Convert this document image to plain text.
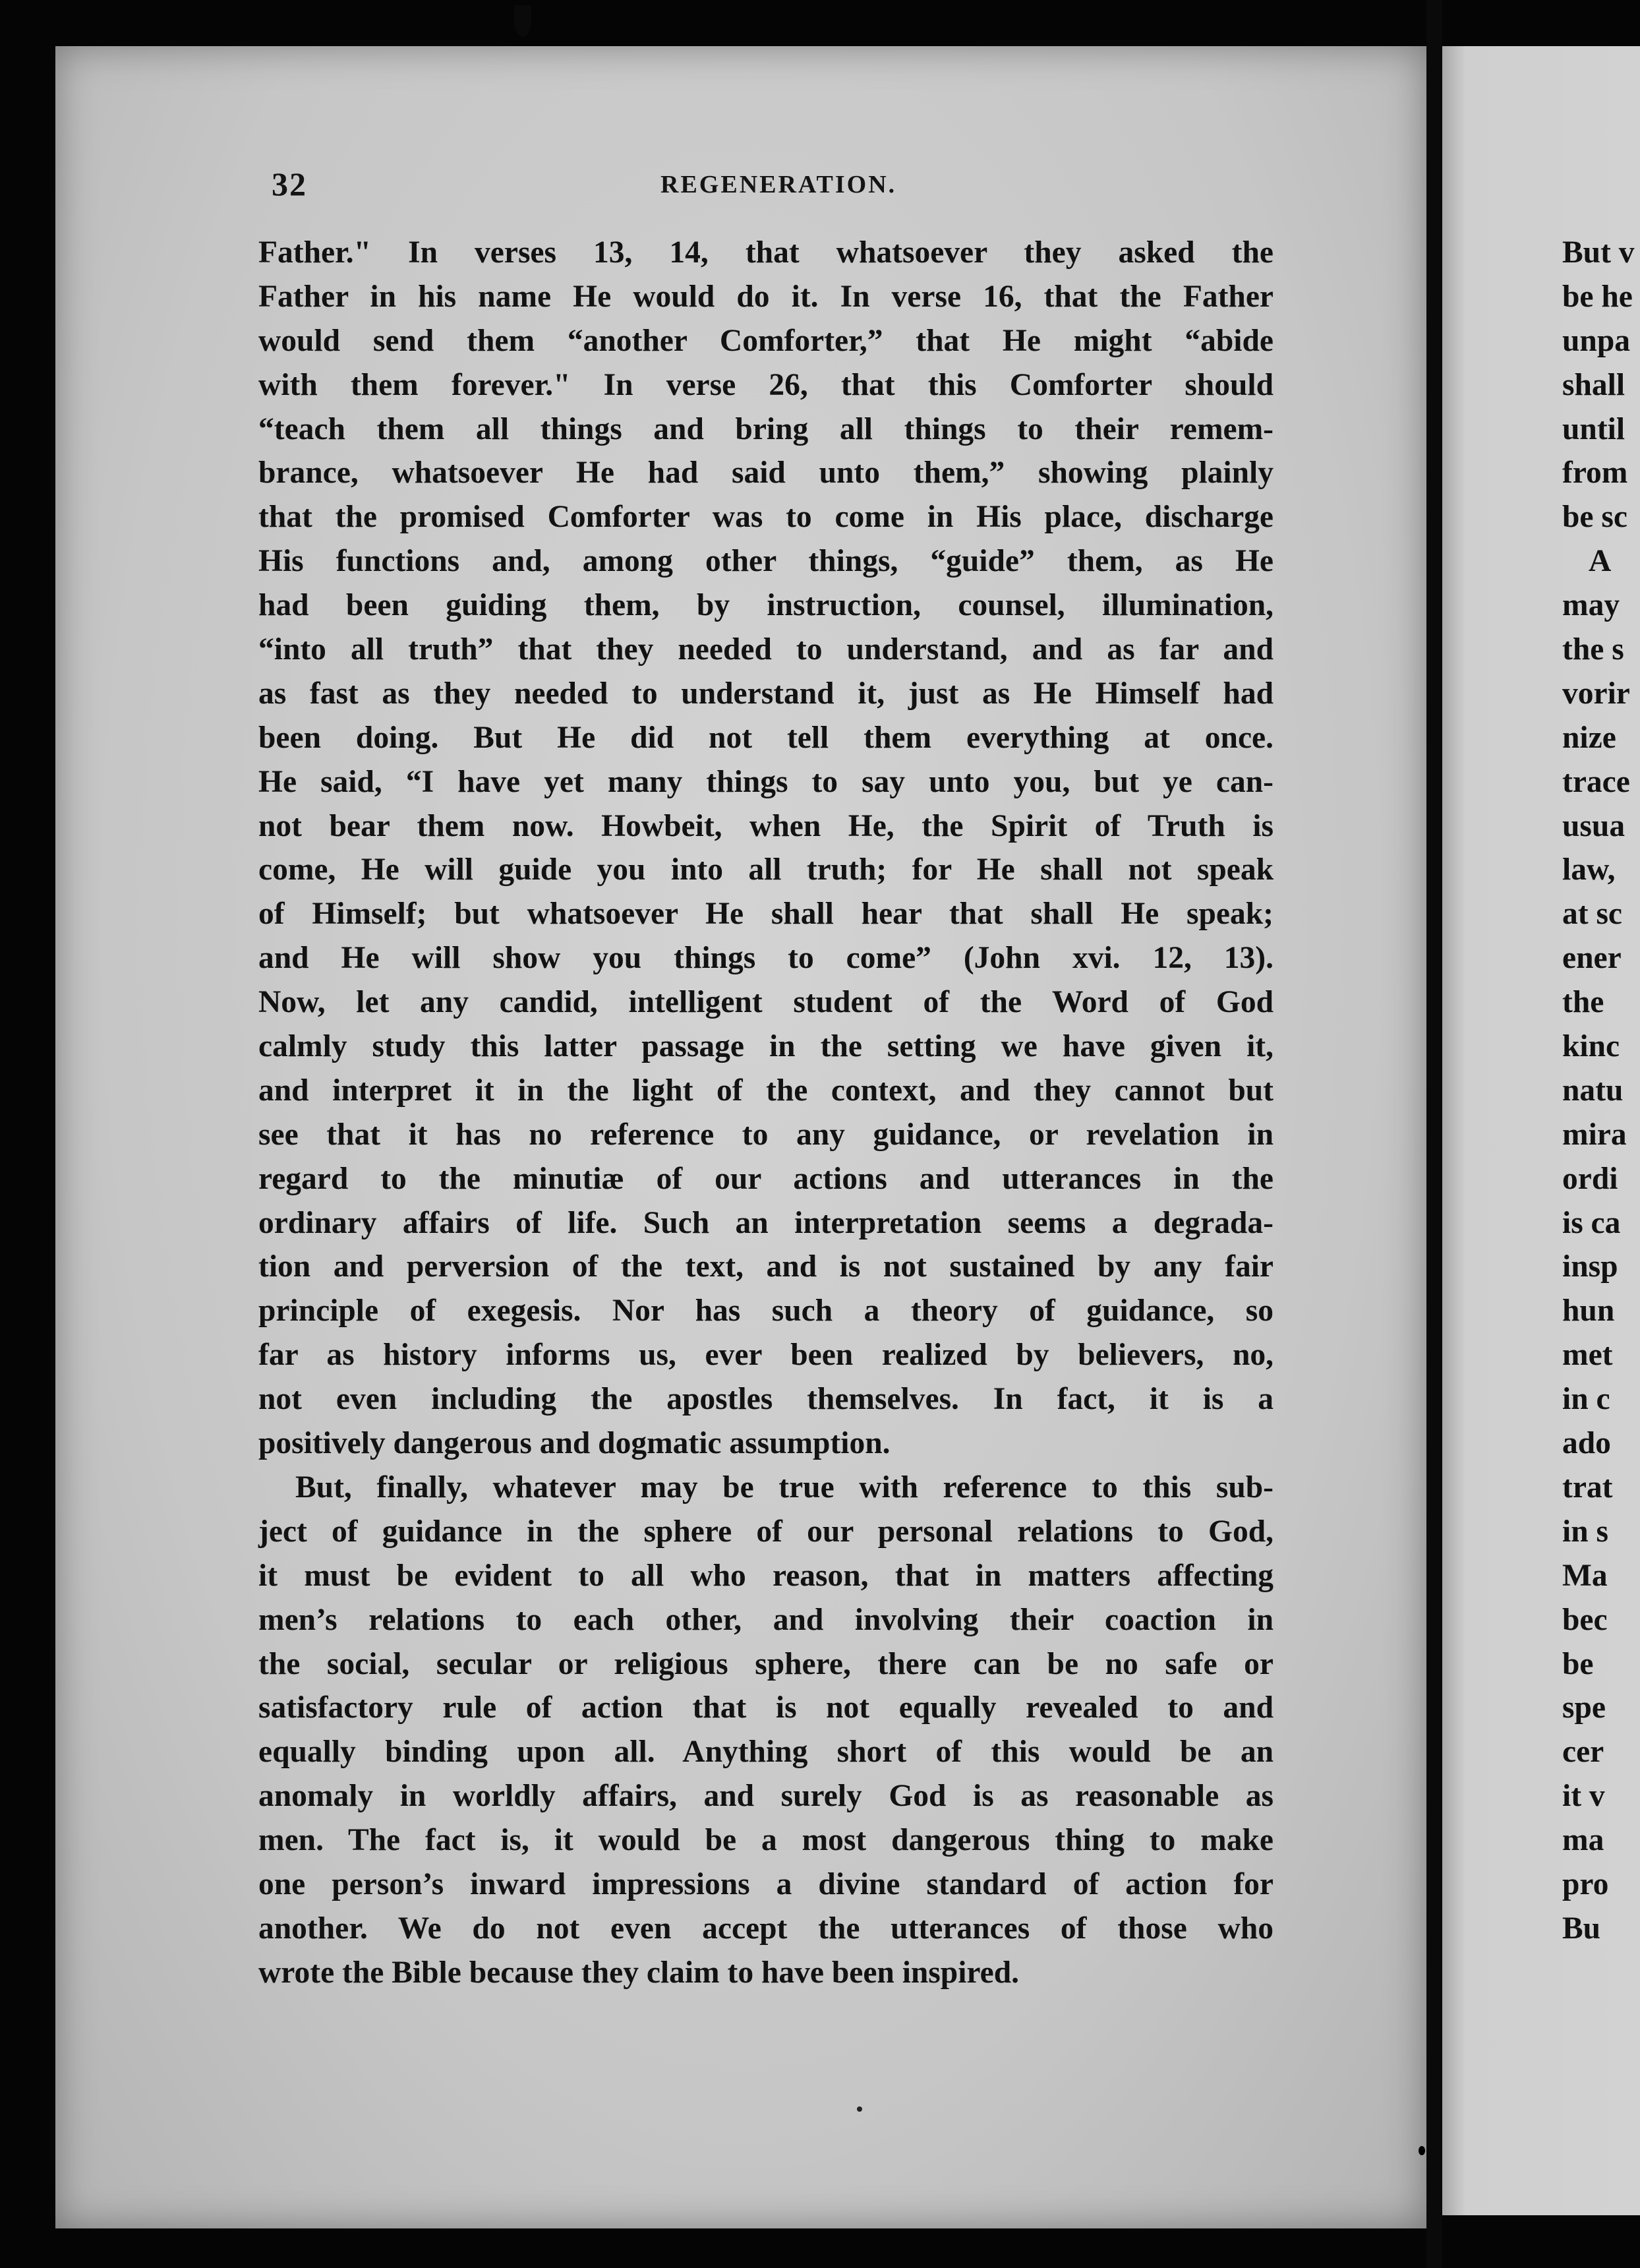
32	REGENERATION.
Father." In verses 13, 14, that whatsoever they asked the
Father in his name He would do it. In verse 16, that the Father
would send them “another Comforter,” that He might “abide
with them forever." In verse 26, that this Comforter should
“teach them all things and bring all things to their remem-
brance, whatsoever He had said unto them,” showing plainly
that the promised Comforter was to come in His place, discharge
His functions and, among other things, “guide” them, as He
had been guiding them, by instruction, counsel, illumination,
“into all truth” that they needed to understand, and as far and
as fast as they needed to understand it, just as He Himself had
been doing. But He did not tell them everything at once.
He said, “I have yet many things to say unto you, but ye can-
not bear them now. Howbeit, when He, the Spirit of Truth is
come, He will guide you into all truth; for He shall not speak
of Himself; but whatsoever He shall hear that shall He speak;
and He will show you things to come” (John xvi. 12, 13).
Now, let any candid, intelligent student of the Word of God
calmly study this latter passage in the setting we have given it,
and interpret it in the light of the context, and they cannot but
see that it has no reference to any guidance, or revelation in
regard to the minutiæ of our actions and utterances in the
ordinary affairs of life. Such an interpretation seems a degrada-
tion and perversion of the text, and is not sustained by any fair
principle of exegesis. Nor has such a theory of guidance, so
far as history informs us, ever been realized by believers, no,
not even including the apostles themselves. In fact, it is a
positively dangerous and dogmatic assumption.
But, finally, whatever may be true with reference to this sub-
ject of guidance in the sphere of our personal relations to God,
it must be evident to all who reason, that in matters affecting
men’s relations to each other, and involving their coaction in
the social, secular or religious sphere, there can be no safe or
satisfactory rule of action that is not equally revealed to and
equally binding upon all. Anything short of this would be an
anomaly in worldly affairs, and surely God is as reasonable as
men. The fact is, it would be a most dangerous thing to make
one person’s inward impressions a divine standard of action for
another. We do not even accept the utterances of those who
wrote the Bible because they claim to have been inspired.
But v
be he
unpa
shall
until
from
be sc
A
may
the s
vorir
nize
trace
usua
law,
at sc
ener
the
kinc
natu
mira
ordi
is ca
insp
hun
met
in c
ado
trat
in s
Ma
bec
be
spe
cer
it v
ma
pro
Bu
